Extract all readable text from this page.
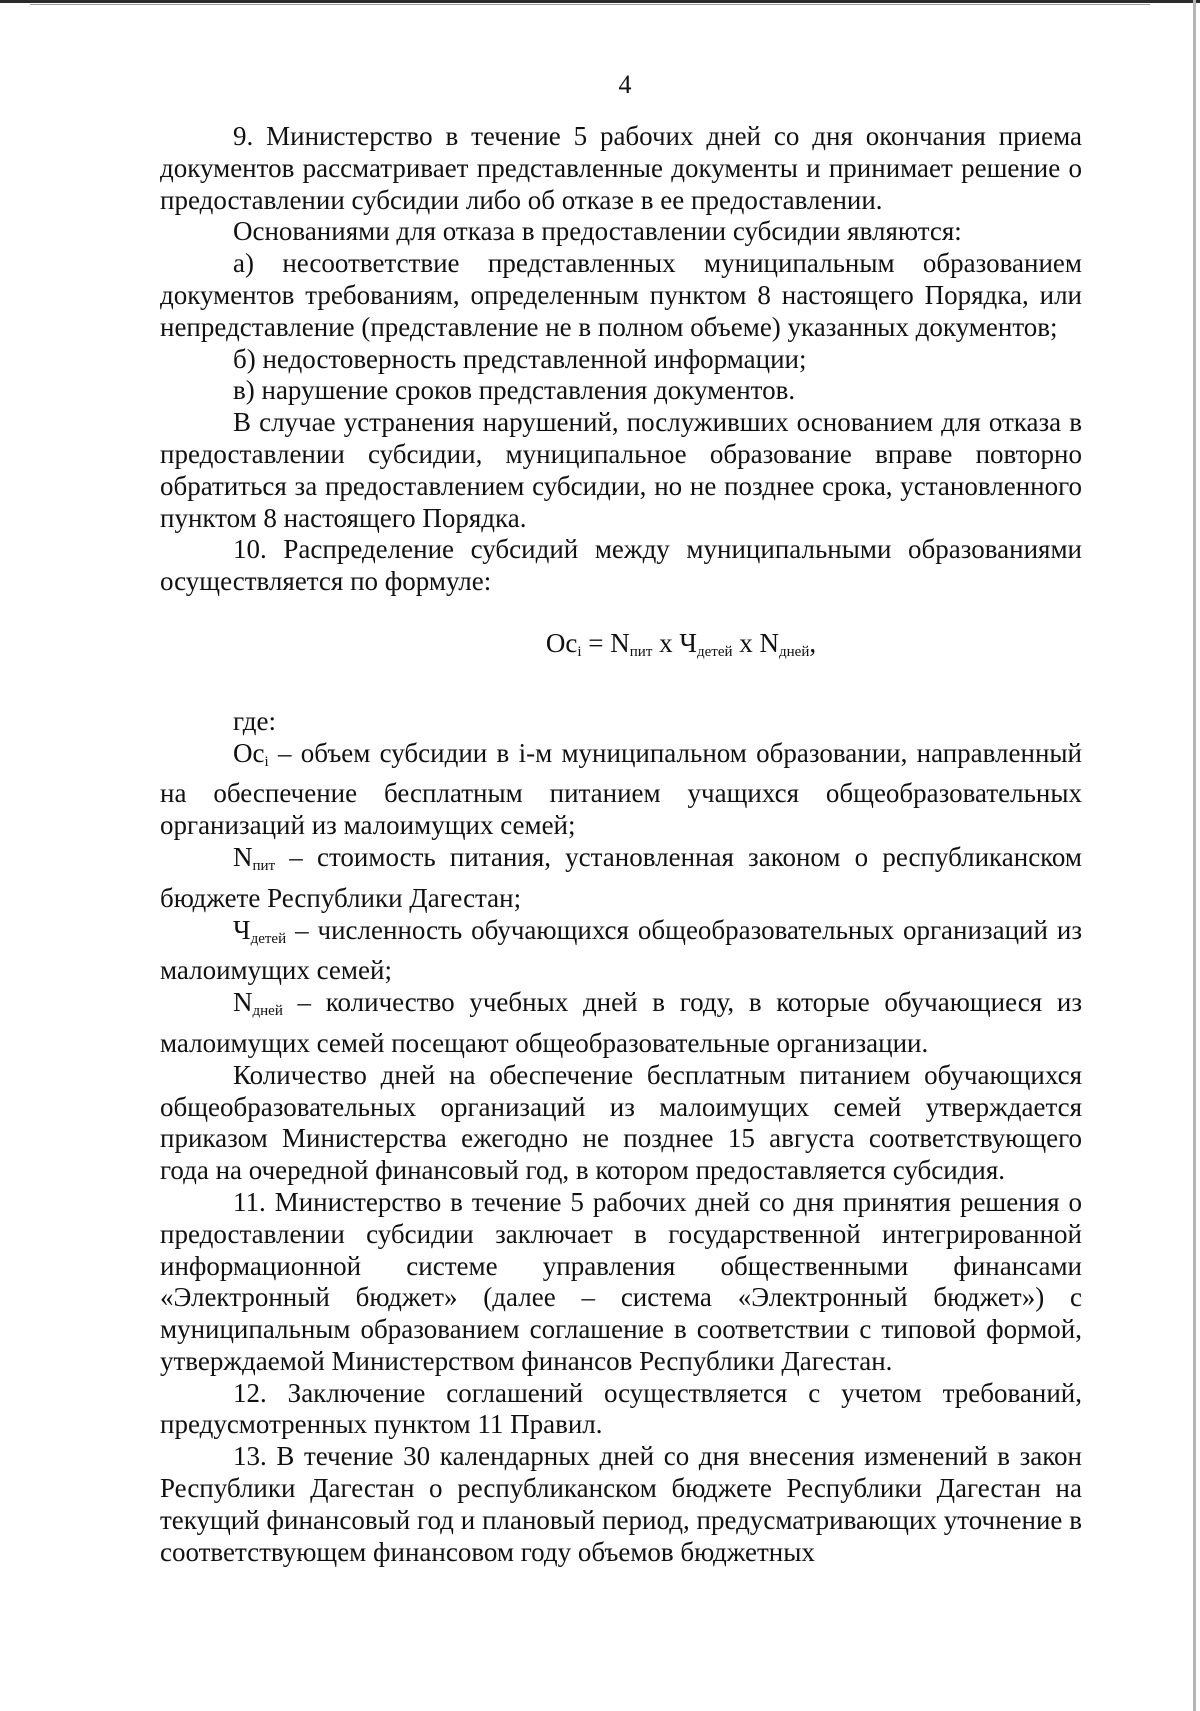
4

9. Министерство в течение 5 рабочих дней со дня окончания приема документов рассматривает представленные документы и принимает решение о предоставлении субсидии либо об отказе в ее предоставлении.

Основаниями для отказа в предоставлении субсидии являются:

а) несоответствие представленных муниципальным образованием документов требованиям, определенным пунктом 8 настоящего Порядка, или непредставление (представление не в полном объеме) указанных документов;

б) недостоверность представленной информации;

в) нарушение сроков представления документов.

В случае устранения нарушений, послуживших основанием для отказа в предоставлении субсидии, муниципальное образование вправе повторно обратиться за предоставлением субсидии, но не позднее срока, установленного пунктом 8 настоящего Порядка.

10. Распределение субсидий между муниципальными образованиями осуществляется по формуле:

$Ос_i = N_{пит}$ х $Ч_{детей}$ х $N_{дней}$,

где:

$Ос_i$ – объем субсидии в i-м муниципальном образовании, направленный на обеспечение бесплатным питанием учащихся общеобразовательных организаций из малоимущих семей;

$N_{пит}$ – стоимость питания, установленная законом о республиканском бюджете Республики Дагестан;

$Ч_{детей}$ – численность обучающихся общеобразовательных организаций из малоимущих семей;

$N_{дней}$ – количество учебных дней в году, в которые обучающиеся из малоимущих семей посещают общеобразовательные организации.

Количество дней на обеспечение бесплатным питанием обучающихся общеобразовательных организаций из малоимущих семей утверждается приказом Министерства ежегодно не позднее 15 августа соответствующего года на очередной финансовый год, в котором предоставляется субсидия.

11. Министерство в течение 5 рабочих дней со дня принятия решения о предоставлении субсидии заключает в государственной интегрированной информационной системе управления общественными финансами «Электронный бюджет» (далее – система «Электронный бюджет») с муниципальным образованием соглашение в соответствии с типовой формой, утверждаемой Министерством финансов Республики Дагестан.

12. Заключение соглашений осуществляется с учетом требований, предусмотренных пунктом 11 Правил.

13. В течение 30 календарных дней со дня внесения изменений в закон Республики Дагестан о республиканском бюджете Республики Дагестан на текущий финансовый год и плановый период, предусматривающих уточнение в соответствующем финансовом году объемов бюджетных
